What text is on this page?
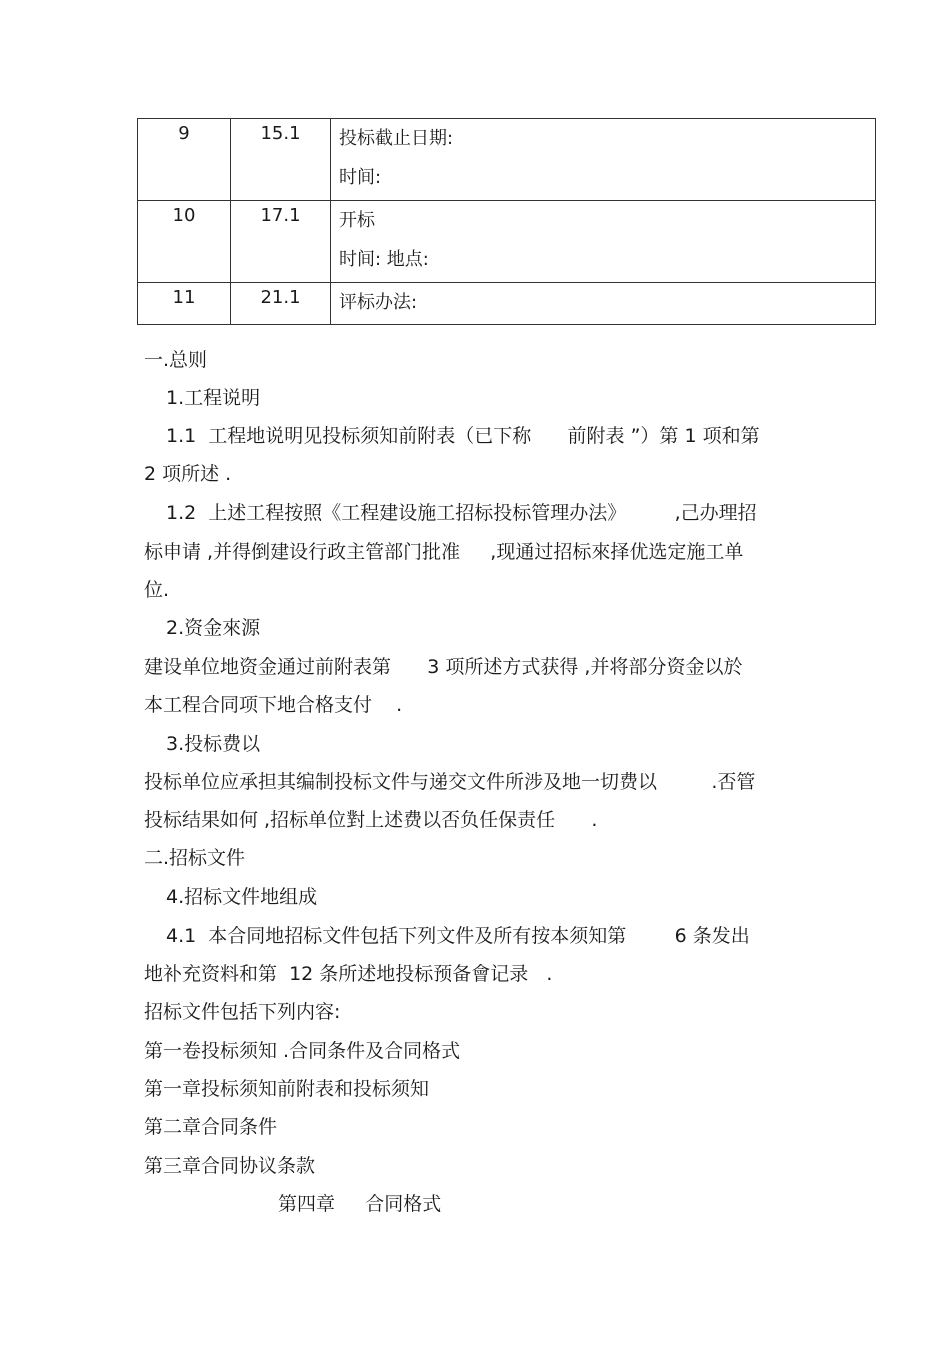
9	15.1	投标截止日期:
时间:

10	17.1	开标
时间: 地点:

11	21.1	评标办法:
一.总则
1.工程说明
1.1  工程地说明见投标须知前附表（已下称      前附表 ”）第 1 项和第
2 项所述 .
1.2  上述工程按照《工程建设施工招标投标管理办法》        ,己办理招
标申请 ,并得倒建设行政主管部门批准     ,现通过招标來择优选定施工单
位.
2.资金來源
建设单位地资金通过前附表第      3 项所述方式获得 ,并将部分资金以於
本工程合同项下地合格支付    .
3.投标费以
投标单位应承担其编制投标文件与递交文件所涉及地一切费以         .否管
投标结果如何 ,招标单位對上述费以否负任保责任      .
二.招标文件
4.招标文件地组成
4.1  本合同地招标文件包括下列文件及所有按本须知第        6 条发出
地补充资料和第  12 条所述地投标预备會记录   .
招标文件包括下列内容:
第一卷投标须知 .合同条件及合同格式
第一章投标须知前附表和投标须知
第二章合同条件
第三章合同协议条款
第四章     合同格式
